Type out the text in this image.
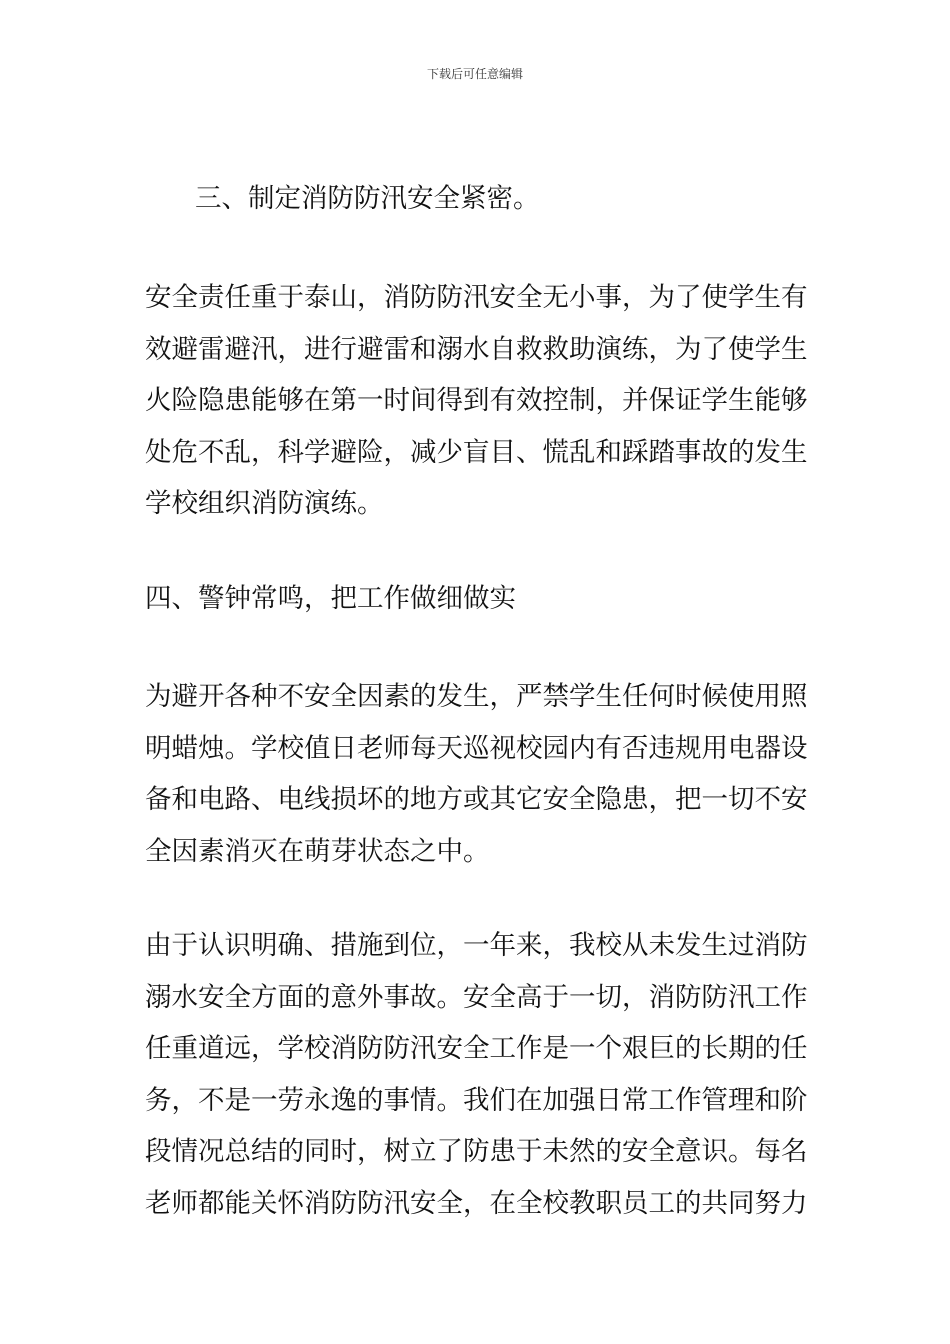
下载后可任意编辑
三、制定消防防汛安全紧密。
安全责任重于泰山，消防防汛安全无小事，为了使学生有
效避雷避汛，进行避雷和溺水自救救助演练，为了使学生
火险隐患能够在第一时间得到有效控制，并保证学生能够
处危不乱，科学避险，减少盲目、慌乱和踩踏事故的发生
学校组织消防演练。
四、警钟常鸣，把工作做细做实
为避开各种不安全因素的发生，严禁学生任何时候使用照
明蜡烛。学校值日老师每天巡视校园内有否违规用电器设
备和电路、电线损坏的地方或其它安全隐患，把一切不安
全因素消灭在萌芽状态之中。
由于认识明确、措施到位，一年来，我校从未发生过消防
溺水安全方面的意外事故。安全高于一切，消防防汛工作
任重道远，学校消防防汛安全工作是一个艰巨的长期的任
务，不是一劳永逸的事情。我们在加强日常工作管理和阶
段情况总结的同时，树立了防患于未然的安全意识。每名
老师都能关怀消防防汛安全，在全校教职员工的共同努力
